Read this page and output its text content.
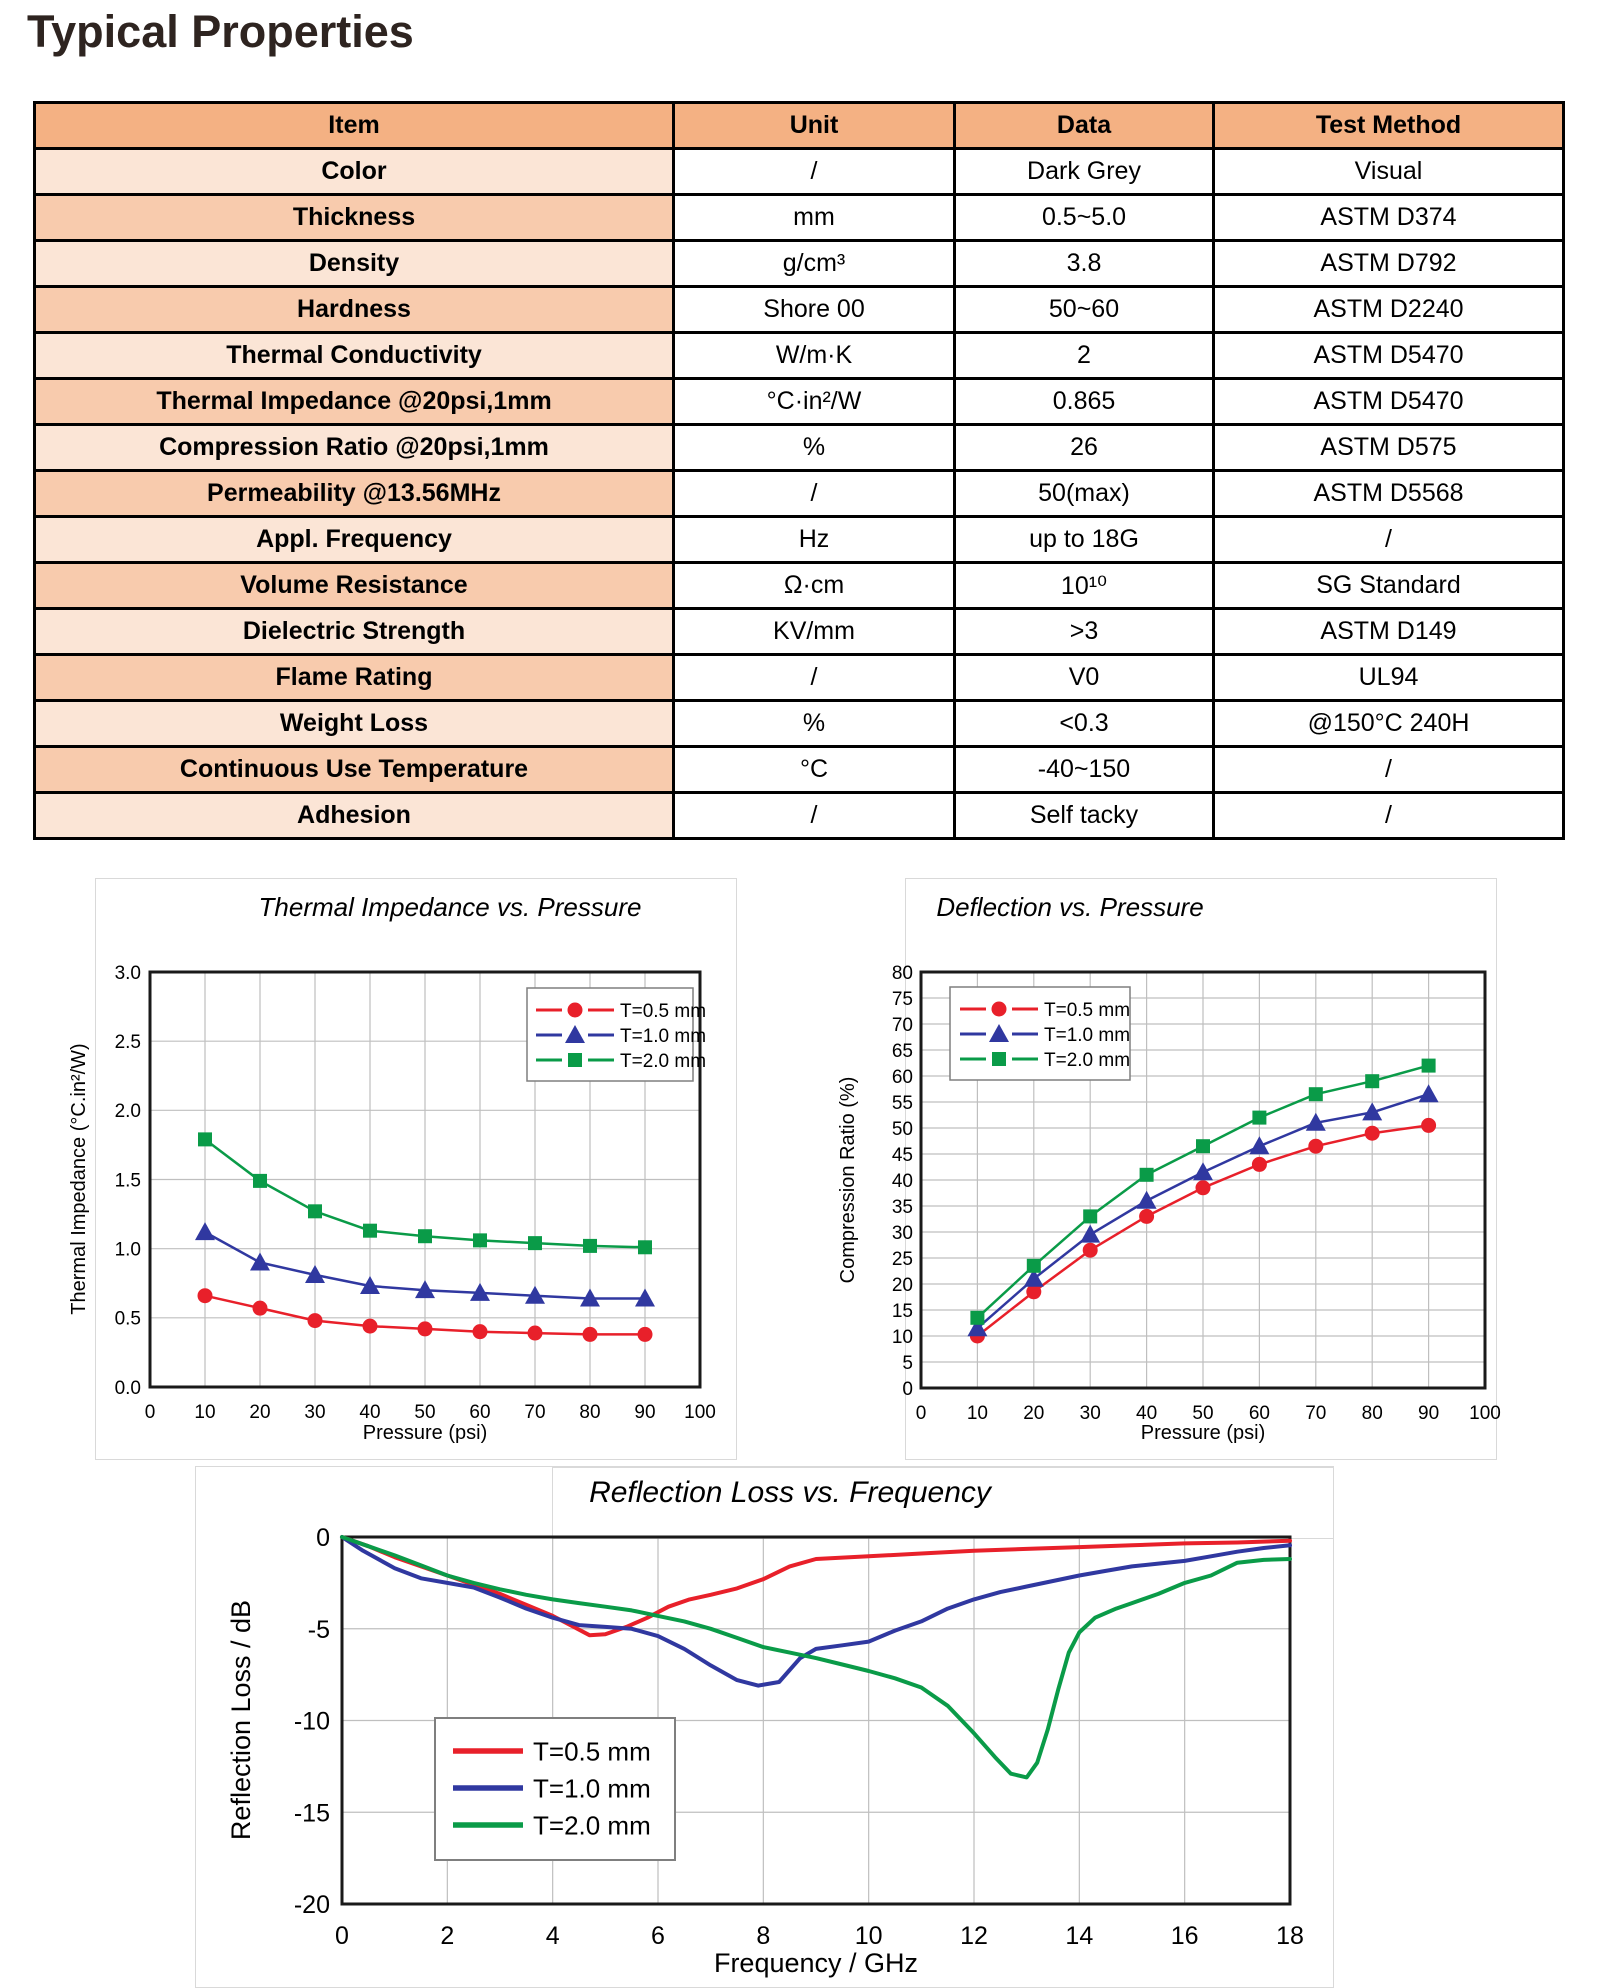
Typical Properties
Item	Unit	Data	Test Method
Color	/	Dark Grey	Visual
Thickness	mm	0.5~5.0	ASTM D374
Density	g/cm³	3.8	ASTM D792
Hardness	Shore 00	50~60	ASTM D2240
Thermal Conductivity	W/m·K	2	ASTM D5470
Thermal Impedance @20psi,1mm	°C·in²/W	0.865	ASTM D5470
Compression Ratio @20psi,1mm	%	26	ASTM D575
Permeability @13.56MHz	/	50(max)	ASTM D5568
Appl. Frequency	Hz	up to 18G	/
Volume Resistance	Ω·cm	10¹⁰	SG Standard
Dielectric Strength	KV/mm	>3	ASTM D149
Flame Rating	/	V0	UL94
Weight Loss	%	<0.3	@150°C 240H
Continuous Use Temperature	°C	-40~150	/
Adhesion	/	Self tacky	/
Thermal Impedance vs. Pressure	Deflection vs. Pressure
Reflection Loss vs. Frequency
0 10 20 30 40 50 60 70 80 90 100
0.0
0.5
1.0
1.5
2.0
2.5
3.0
Pressure (psi)
Thermal Impedance (°C.in²/W)
T=0.5 mm
T=1.0 mm
T=2.0 mm
0 10 20 30 40 50 60 70 80 90 100
0
5
10
15
20
25
30
35
40
45
50
55
60
65
70
75
80
Pressure (psi)
Compression Ratio (%)
T=0.5 mm
T=1.0 mm
T=2.0 mm
0	2	4	6	8	10	12	14	16	18
-20
-15
-10
-5
0
Frequency / GHz
Reflection Loss / dB	T=0.5 mm
T=1.0 mm
T=2.0 mm
